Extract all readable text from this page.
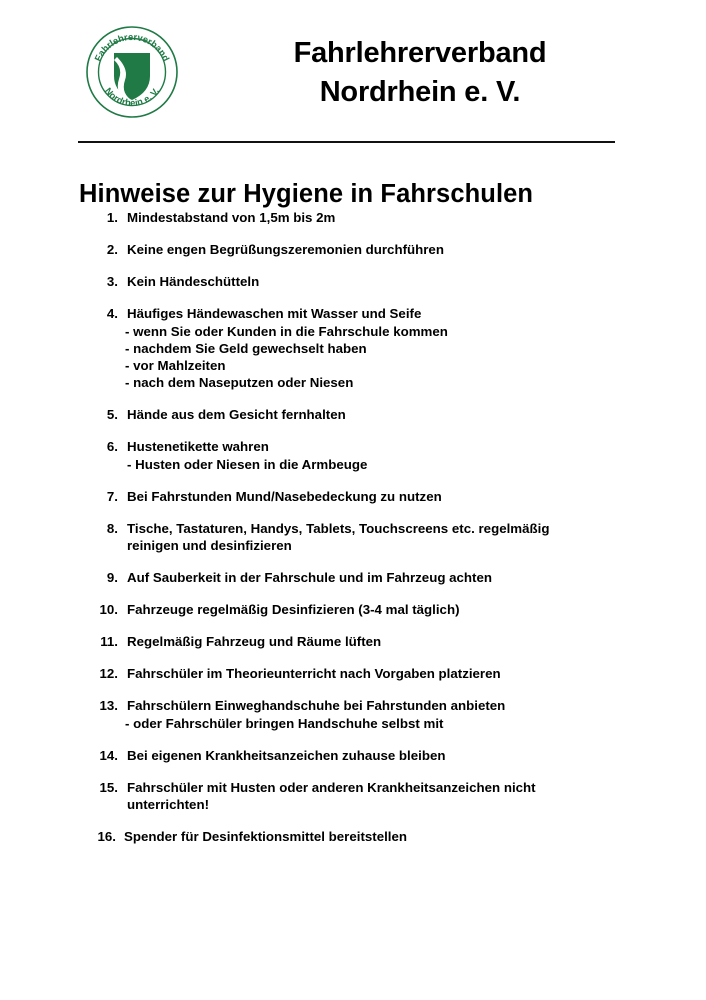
Fahrlehrerverband
Nordrhein e. V.
Fahrlehrerverband
Nordrhein e. V.
Hinweise zur Hygiene in Fahrschulen
1. Mindestabstand von 1,5m bis 2m
2. Keine engen Begrüßungszeremonien durchführen
3. Kein Händeschütteln
4. Häufiges Händewaschen mit Wasser und Seife
- wenn Sie oder Kunden in die Fahrschule kommen
- nachdem Sie Geld gewechselt haben
- vor Mahlzeiten
- nach dem Naseputzen oder Niesen
5. Hände aus dem Gesicht fernhalten
6. Hustenetikette wahren
- Husten oder Niesen in die Armbeuge
7. Bei Fahrstunden Mund/Nasebedeckung zu nutzen
8. Tische, Tastaturen, Handys, Tablets, Touchscreens etc. regelmäßig reinigen und desinfizieren
9. Auf Sauberkeit in der Fahrschule und im Fahrzeug achten
10. Fahrzeuge regelmäßig Desinfizieren (3-4 mal täglich)
11. Regelmäßig Fahrzeug und Räume lüften
12. Fahrschüler im Theorieunterricht nach Vorgaben platzieren
13. Fahrschülern Einweghandschuhe bei Fahrstunden anbieten
- oder Fahrschüler bringen Handschuhe selbst mit
14. Bei eigenen Krankheitsanzeichen zuhause bleiben
15. Fahrschüler mit Husten oder anderen Krankheitsanzeichen nicht unterrichten!
16. Spender für Desinfektionsmittel bereitstellen
